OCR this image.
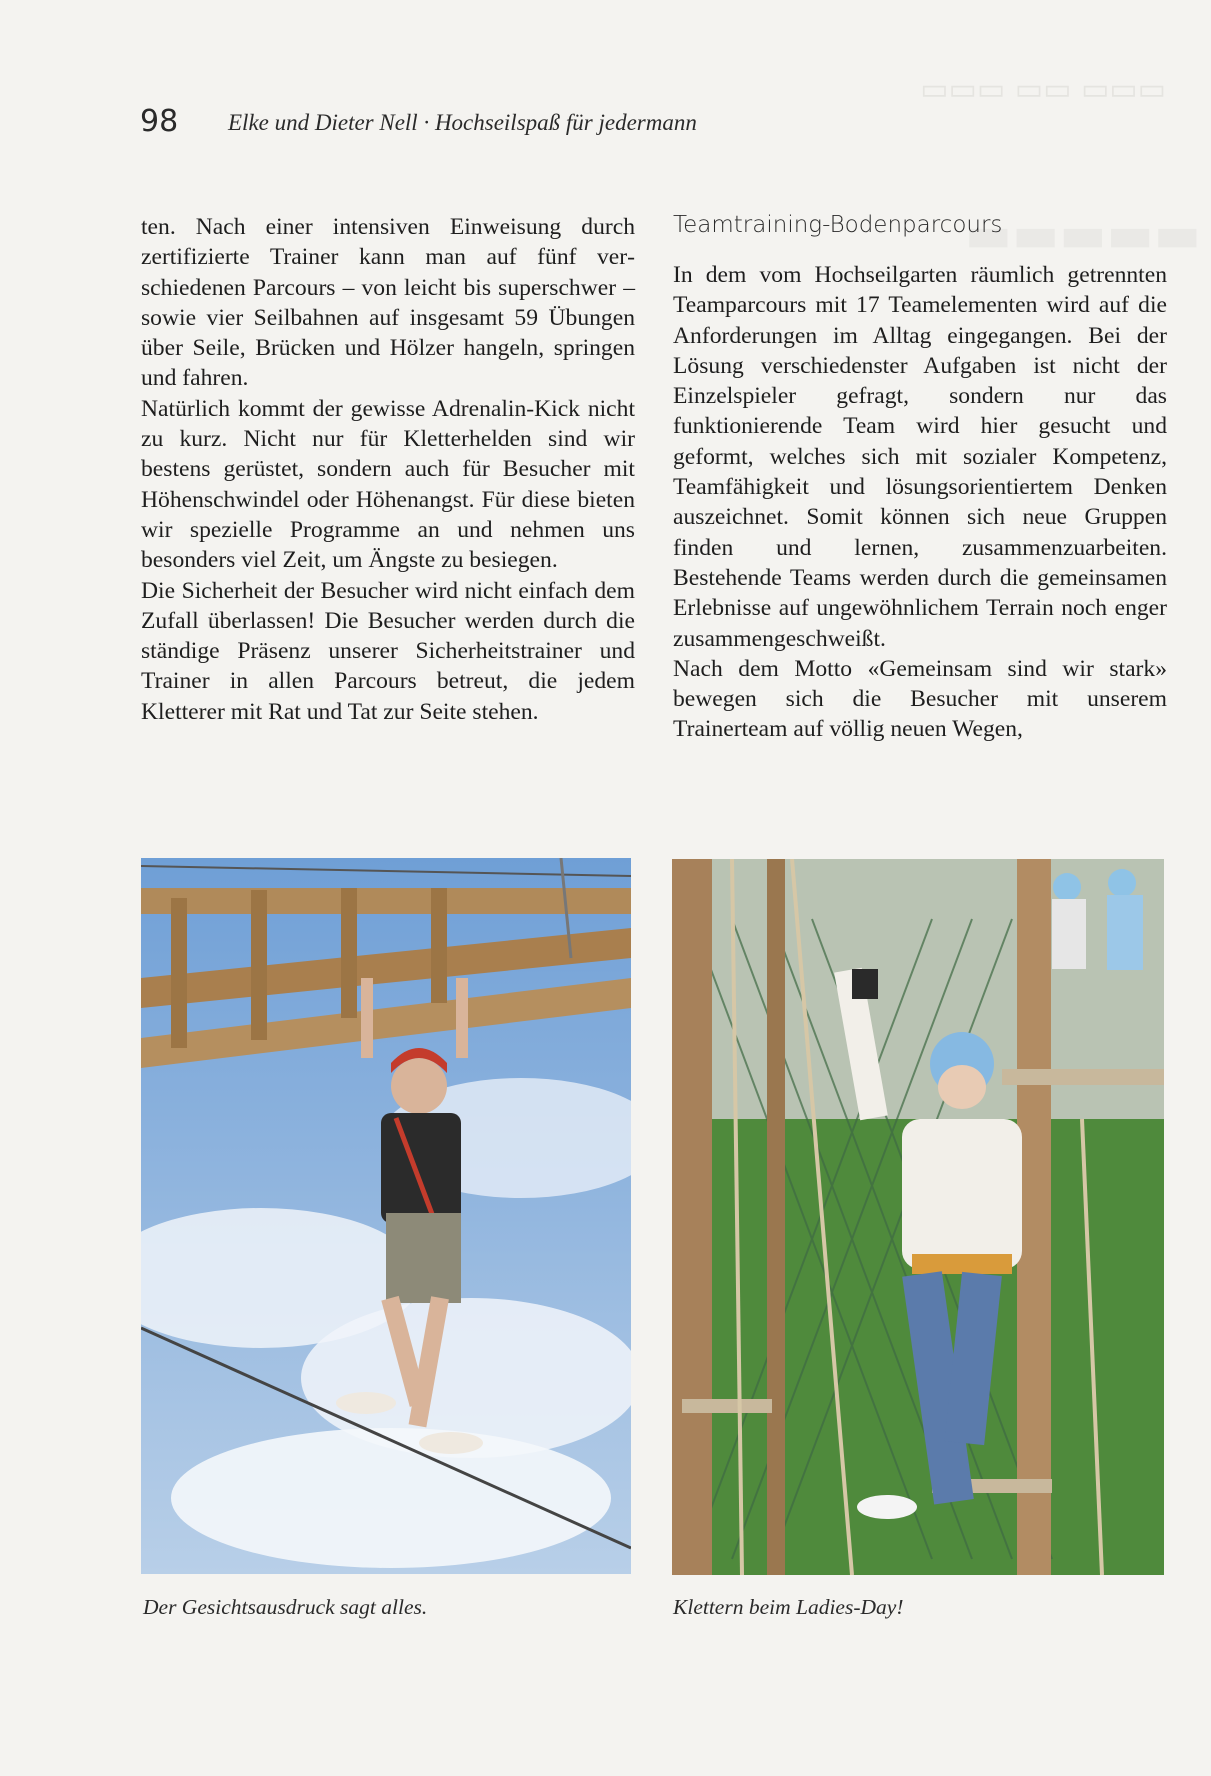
▭▭▭ ▭▭ ▭▭▭
▬▬▬▬▬
98 Elke und Dieter Nell · Hochseilspaß für jedermann

ten. Nach einer intensiven Einweisung durch zertifizierte Trainer kann man auf fünf verschiedenen Parcours – von leicht bis superschwer – sowie vier Seilbahnen auf insgesamt 59 Übungen über Seile, Brücken und Hölzer hangeln, springen und fahren.

Natürlich kommt der gewisse Adrenalin-Kick nicht zu kurz. Nicht nur für Kletterhelden sind wir bestens gerüstet, sondern auch für Besucher mit Höhenschwindel oder Höhenangst. Für diese bieten wir spezielle Programme an und nehmen uns besonders viel Zeit, um Ängste zu besiegen.

Die Sicherheit der Besucher wird nicht einfach dem Zufall überlassen! Die Besucher werden durch die ständige Präsenz unserer Sicherheitstrainer und Trainer in allen Parcours betreut, die jedem Kletterer mit Rat und Tat zur Seite stehen.

Teamtraining-Bodenparcours

In dem vom Hochseilgarten räumlich getrennten Teamparcours mit 17 Teamelementen wird auf die Anforderungen im Alltag eingegangen. Bei der Lösung verschiedenster Aufgaben ist nicht der Einzelspieler gefragt, sondern nur das funktionierende Team wird hier gesucht und geformt, welches sich mit sozialer Kompetenz, Teamfähigkeit und lösungsorientiertem Denken auszeichnet. Somit können sich neue Gruppen finden und lernen, zusammenzuarbeiten. Bestehende Teams werden durch die gemeinsamen Erlebnisse auf ungewöhnlichem Terrain noch enger zusammengeschweißt.

Nach dem Motto «Gemeinsam sind wir stark» bewegen sich die Besucher mit unserem Trainerteam auf völlig neuen Wegen,

Der Gesichtsausdruck sagt alles.	Klettern beim Ladies-Day!
